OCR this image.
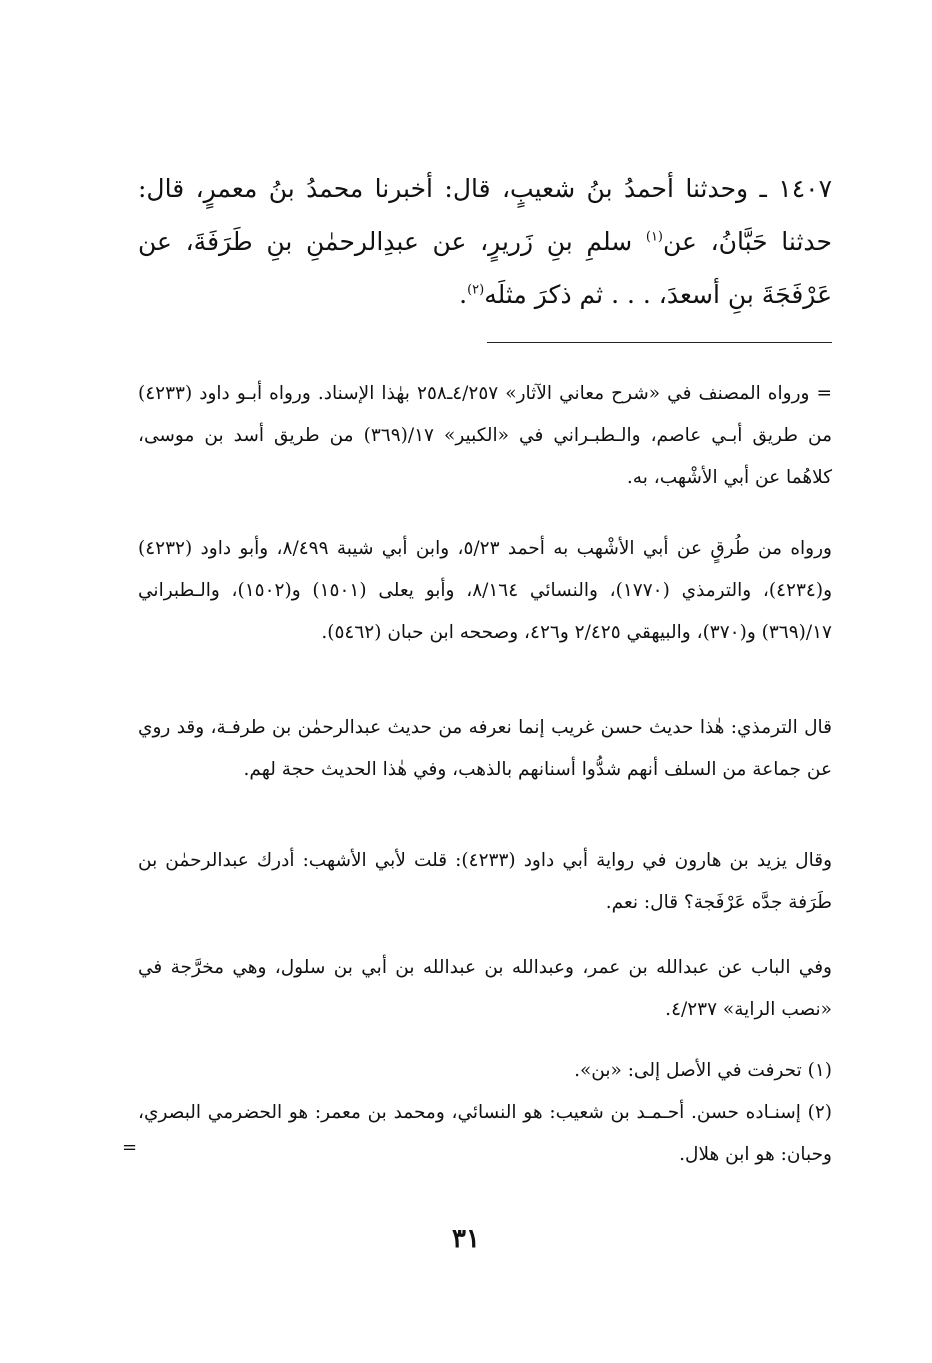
١٤٠٧ ـ وحدثنا أحمدُ بنُ شعيبٍ، قال: أخبرنا محمدُ بنُ معمرٍ، قال: حدثنا حَبَّانُ، عن$^{(١)}$ سلمِ بنِ زَريرٍ، عن عبدِالرحمٰنِ بنِ طَرَفَةَ، عن عَرْفَجَةَ بنِ أسعدَ، . . . ثم ذكرَ مثلَه$^{(٢)}$.

= ورواه المصنف في «شرح معاني الآثار» ٤/٢٥٧ـ٢٥٨ بهٰذا الإسناد. ورواه أبـو داود (٤٢٣٣) من طريق أبـي عاصم، والـطبـراني في «الكبير» ١٧/(٣٦٩) من طريق أسد بن موسى، كلاهُما عن أبي الأشْهب، به.

ورواه من طُرقٍ عن أبي الأشْهب به أحمد ٥/٢٣، وابن أبي شيبة ٨/٤٩٩، وأبو داود (٤٢٣٢) و(٤٢٣٤)، والترمذي (١٧٧٠)، والنسائي ٨/١٦٤، وأبو يعلى (١٥٠١) و(١٥٠٢)، والـطبراني ١٧/(٣٦٩) و(٣٧٠)، والبيهقي ٢/٤٢٥ و٤٢٦، وصححه ابن حبان (٥٤٦٢).

قال الترمذي: هٰذا حديث حسن غريب إنما نعرفه من حديث عبدالرحمٰن بن طرفـة، وقد روي عن جماعة من السلف أنهم شدُّوا أسنانهم بالذهب، وفي هٰذا الحديث حجة لهم.

وقال يزيد بن هارون في رواية أبي داود (٤٢٣٣): قلت لأبي الأشهب: أدرك عبدالرحمٰن بن طَرَفة جدَّه عَرْفَجة؟ قال: نعم.

وفي الباب عن عبدالله بن عمر، وعبدالله بن عبدالله بن أبي بن سلول، وهي مخرَّجة في «نصب الراية» ٤/٢٣٧.

(١) تحرفت في الأصل إلى: «بن».

(٢) إسنـاده حسن. أحـمـد بن شعيب: هو النسائي، ومحمد بن معمر: هو الحضرمي البصري، وحبان: هو ابن هلال.

=
٣١
